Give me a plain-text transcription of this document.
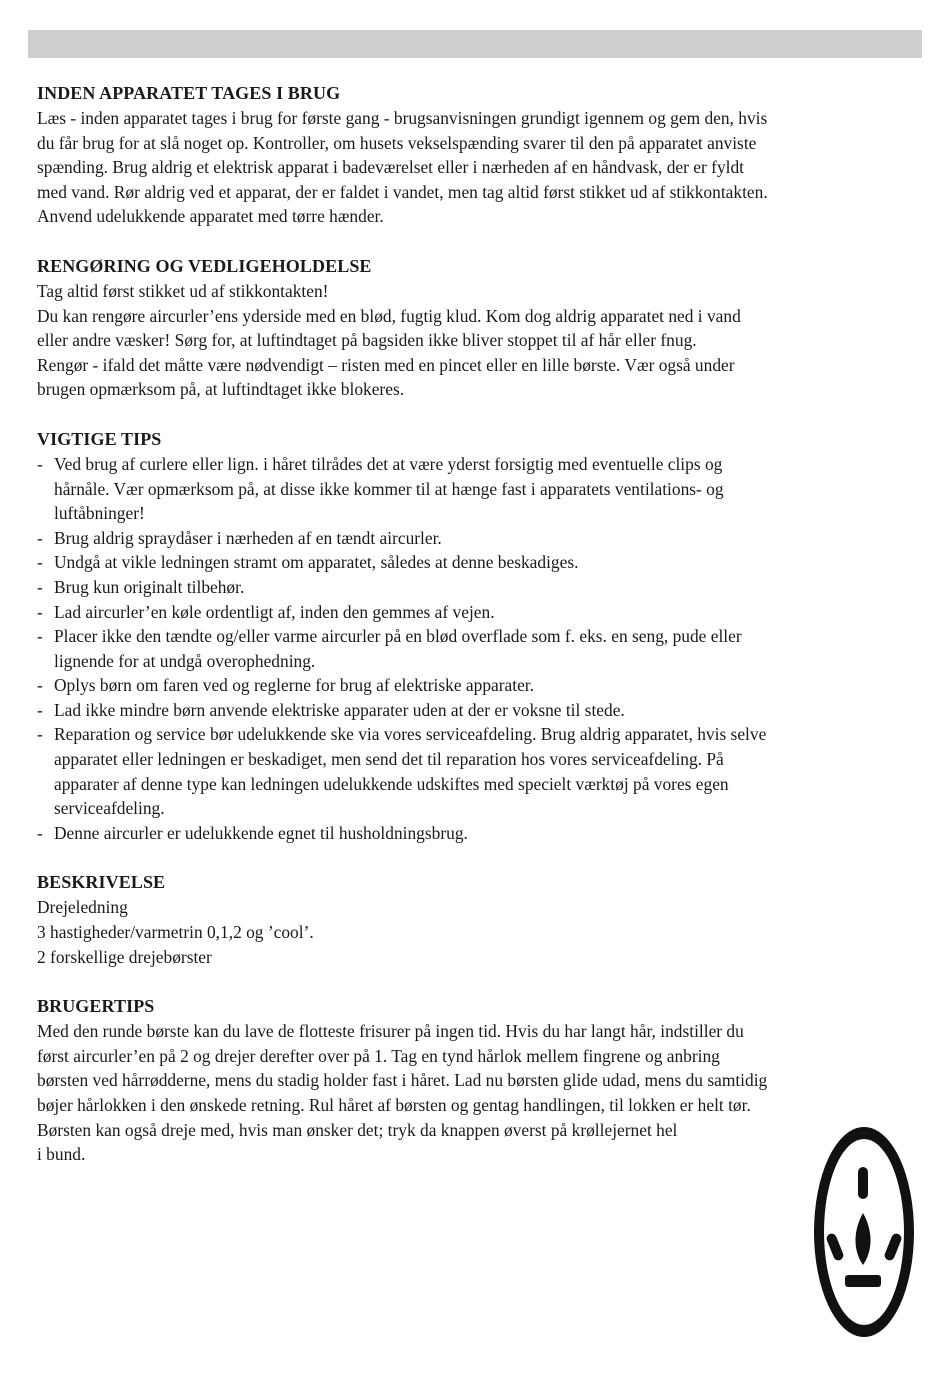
INDEN APPARATET TAGES I BRUG

Læs - inden apparatet tages i brug for første gang - brugsanvisningen grundigt igennem og gem den, hvis
du får brug for at slå noget op. Kontroller, om husets vekselspænding svarer til den på apparatet anviste
spænding. Brug aldrig et elektrisk apparat i badeværelset eller i nærheden af en håndvask, der er fyldt
med vand. Rør aldrig ved et apparat, der er faldet i vandet, men tag altid først stikket ud af stikkontakten.
Anvend udelukkende apparatet med tørre hænder.

RENGØRING OG VEDLIGEHOLDELSE

Tag altid først stikket ud af stikkontakten!
Du kan rengøre aircurler’ens yderside med en blød, fugtig klud. Kom dog aldrig apparatet ned i vand
eller andre væsker! Sørg for, at luftindtaget på bagsiden ikke bliver stoppet til af hår eller fnug.
Rengør - ifald det måtte være nødvendigt – risten med en pincet eller en lille børste. Vær også under
brugen opmærksom på, at luftindtaget ikke blokeres.

VIGTIGE TIPS
- Ved brug af curlere eller lign. i håret tilrådes det at være yderst forsigtig med eventuelle clips og
hårnåle. Vær opmærksom på, at disse ikke kommer til at hænge fast i apparatets ventilations- og
luftåbninger!
- Brug aldrig spraydåser i nærheden af en tændt aircurler.
- Undgå at vikle ledningen stramt om apparatet, således at denne beskadiges.
- Brug kun originalt tilbehør.
- Lad aircurler’en køle ordentligt af, inden den gemmes af vejen.
- Placer ikke den tændte og/eller varme aircurler på en blød overflade som f. eks. en seng, pude eller
lignende for at undgå overophedning.
- Oplys børn om faren ved og reglerne for brug af elektriske apparater.
- Lad ikke mindre børn anvende elektriske apparater uden at der er voksne til stede.
- Reparation og service bør udelukkende ske via vores serviceafdeling. Brug aldrig apparatet, hvis selve
apparatet eller ledningen er beskadiget, men send det til reparation hos vores serviceafdeling. På
apparater af denne type kan ledningen udelukkende udskiftes med specielt værktøj på vores egen
serviceafdeling.
- Denne aircurler er udelukkende egnet til husholdningsbrug.
BESKRIVELSE

Drejeledning
3 hastigheder/varmetrin 0,1,2 og ’cool’.
2 forskellige drejebørster

BRUGERTIPS

Med den runde børste kan du lave de flotteste frisurer på ingen tid. Hvis du har langt hår, indstiller du
først aircurler’en på 2 og drejer derefter over på 1. Tag en tynd hårlok mellem fingrene og anbring
børsten ved hårrødderne, mens du stadig holder fast i håret. Lad nu børsten glide udad, mens du samtidig
bøjer hårlokken i den ønskede retning. Rul håret af børsten og gentag handlingen, til lokken er helt tør.
Børsten kan også dreje med, hvis man ønsker det; tryk da knappen øverst på krøllejernet hel
i bund.
